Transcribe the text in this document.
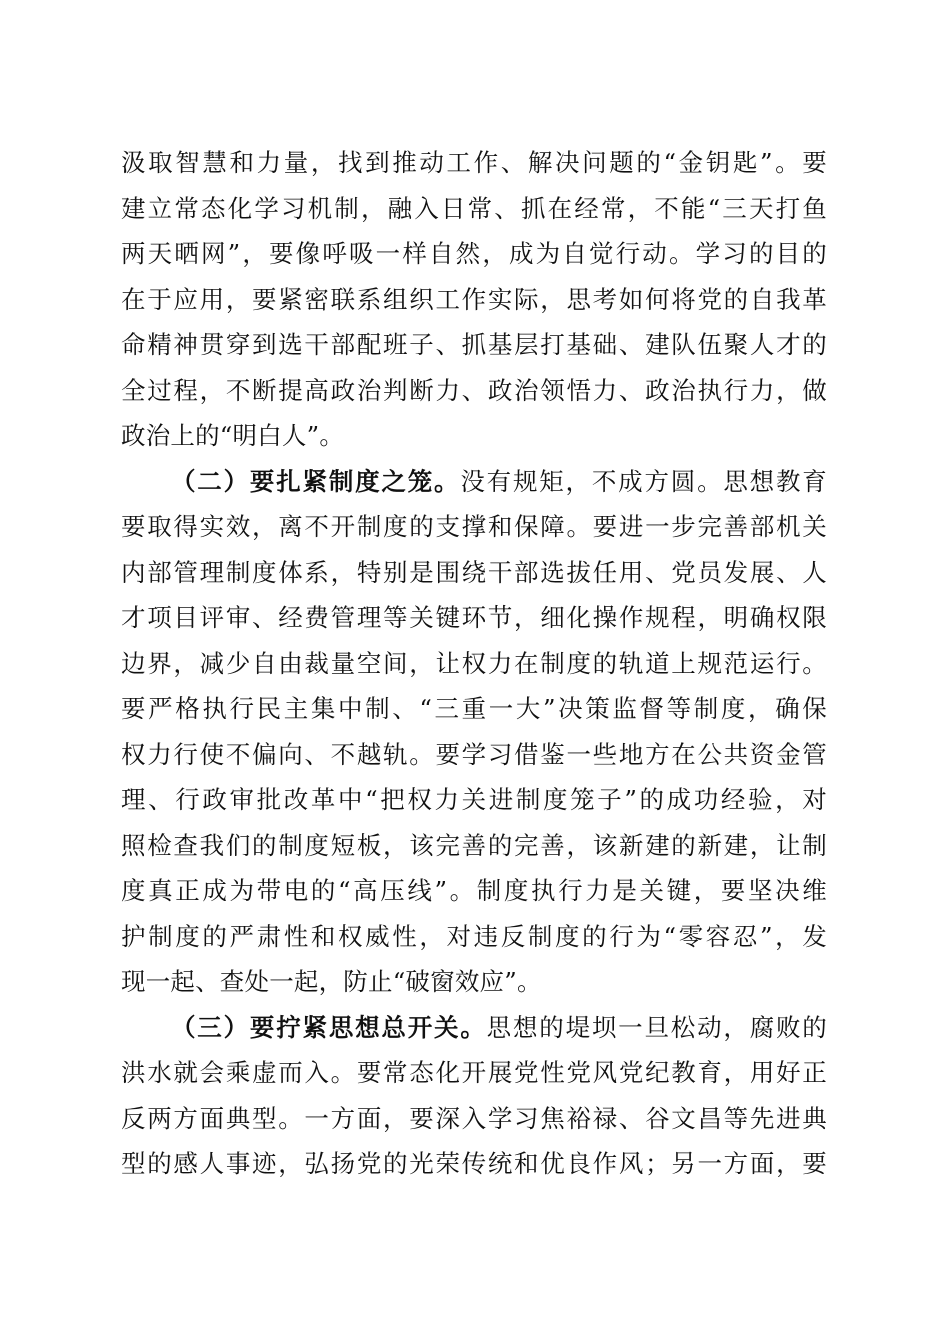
汲取智慧和力量，找到推动工作、解决问题的“金钥匙”。要
建立常态化学习机制，融入日常、抓在经常，不能“三天打鱼
两天晒网”，要像呼吸一样自然，成为自觉行动。学习的目的
在于应用，要紧密联系组织工作实际，思考如何将党的自我革
命精神贯穿到选干部配班子、抓基层打基础、建队伍聚人才的
全过程，不断提高政治判断力、政治领悟力、政治执行力，做
政治上的“明白人”。
（二）要扎紧制度之笼。没有规矩，不成方圆。思想教育
要取得实效，离不开制度的支撑和保障。要进一步完善部机关
内部管理制度体系，特别是围绕干部选拔任用、党员发展、人
才项目评审、经费管理等关键环节，细化操作规程，明确权限
边界，减少自由裁量空间，让权力在制度的轨道上规范运行。
要严格执行民主集中制、“三重一大”决策监督等制度，确保
权力行使不偏向、不越轨。要学习借鉴一些地方在公共资金管
理、行政审批改革中“把权力关进制度笼子”的成功经验，对
照检查我们的制度短板，该完善的完善，该新建的新建，让制
度真正成为带电的“高压线”。制度执行力是关键，要坚决维
护制度的严肃性和权威性，对违反制度的行为“零容忍”，发
现一起、查处一起，防止“破窗效应”。
（三）要拧紧思想总开关。思想的堤坝一旦松动，腐败的
洪水就会乘虚而入。要常态化开展党性党风党纪教育，用好正
反两方面典型。一方面，要深入学习焦裕禄、谷文昌等先进典
型的感人事迹，弘扬党的光荣传统和优良作风；另一方面，要
